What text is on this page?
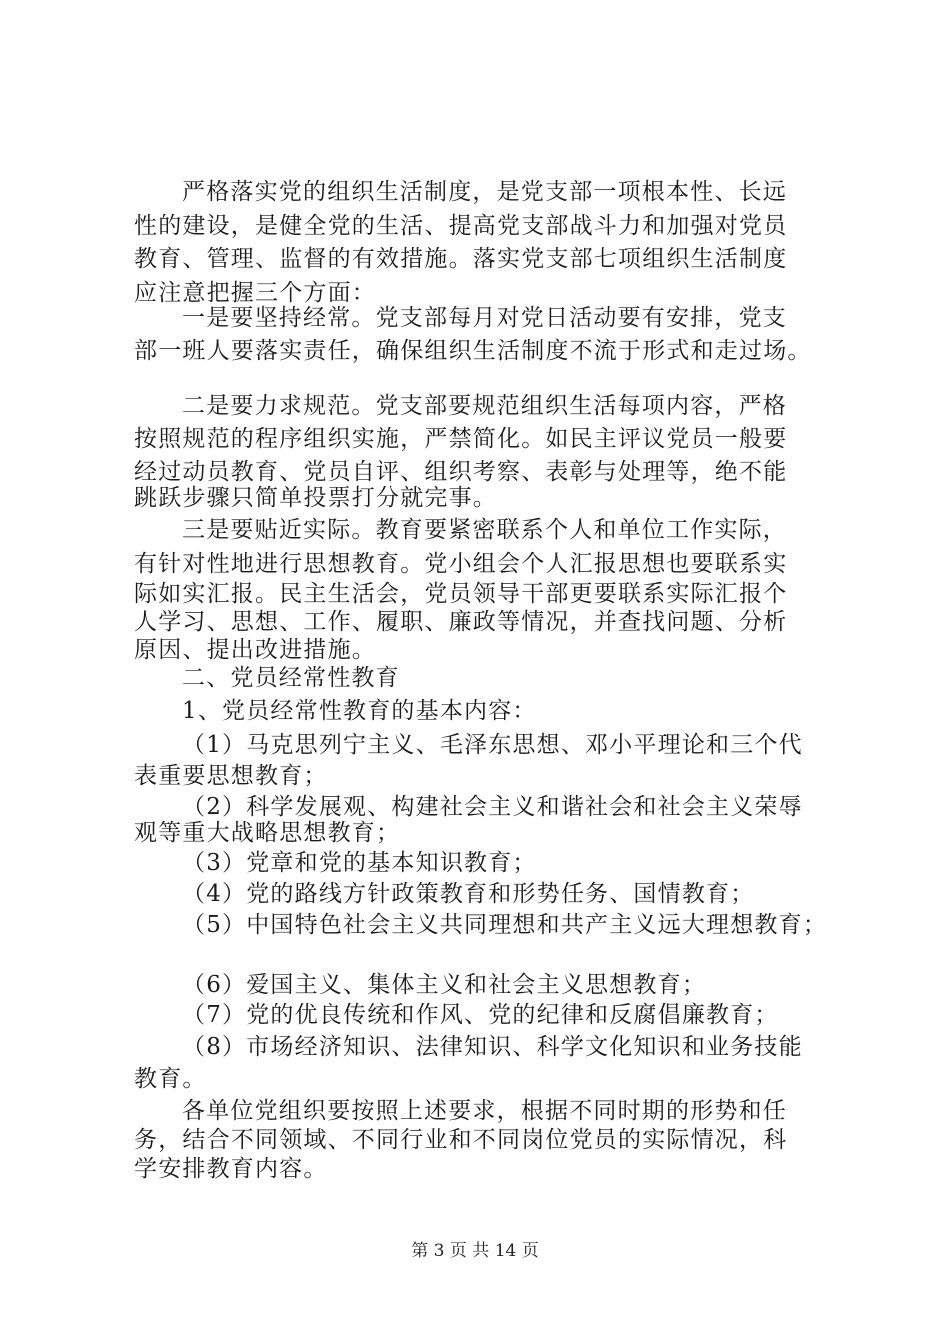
严格落实党的组织生活制度，是党支部一项根本性、长远
性的建设，是健全党的生活、提高党支部战斗力和加强对党员
教育、管理、监督的有效措施。落实党支部七项组织生活制度
应注意把握三个方面：
一是要坚持经常。党支部每月对党日活动要有安排，党支
部一班人要落实责任，确保组织生活制度不流于形式和走过场。
二是要力求规范。党支部要规范组织生活每项内容，严格
按照规范的程序组织实施，严禁简化。如民主评议党员一般要
经过动员教育、党员自评、组织考察、表彰与处理等，绝不能
跳跃步骤只简单投票打分就完事。
三是要贴近实际。教育要紧密联系个人和单位工作实际，
有针对性地进行思想教育。党小组会个人汇报思想也要联系实
际如实汇报。民主生活会，党员领导干部更要联系实际汇报个
人学习、思想、工作、履职、廉政等情况，并查找问题、分析
原因、提出改进措施。
二、党员经常性教育
1、党员经常性教育的基本内容：
（1）马克思列宁主义、毛泽东思想、邓小平理论和三个代
表重要思想教育；
（2）科学发展观、构建社会主义和谐社会和社会主义荣辱
观等重大战略思想教育；
（3）党章和党的基本知识教育；
（4）党的路线方针政策教育和形势任务、国情教育；
（5）中国特色社会主义共同理想和共产主义远大理想教育；
（6）爱国主义、集体主义和社会主义思想教育；
（7）党的优良传统和作风、党的纪律和反腐倡廉教育；
（8）市场经济知识、法律知识、科学文化知识和业务技能
教育。
各单位党组织要按照上述要求，根据不同时期的形势和任
务，结合不同领域、不同行业和不同岗位党员的实际情况，科
学安排教育内容。
第 3 页 共 14 页
